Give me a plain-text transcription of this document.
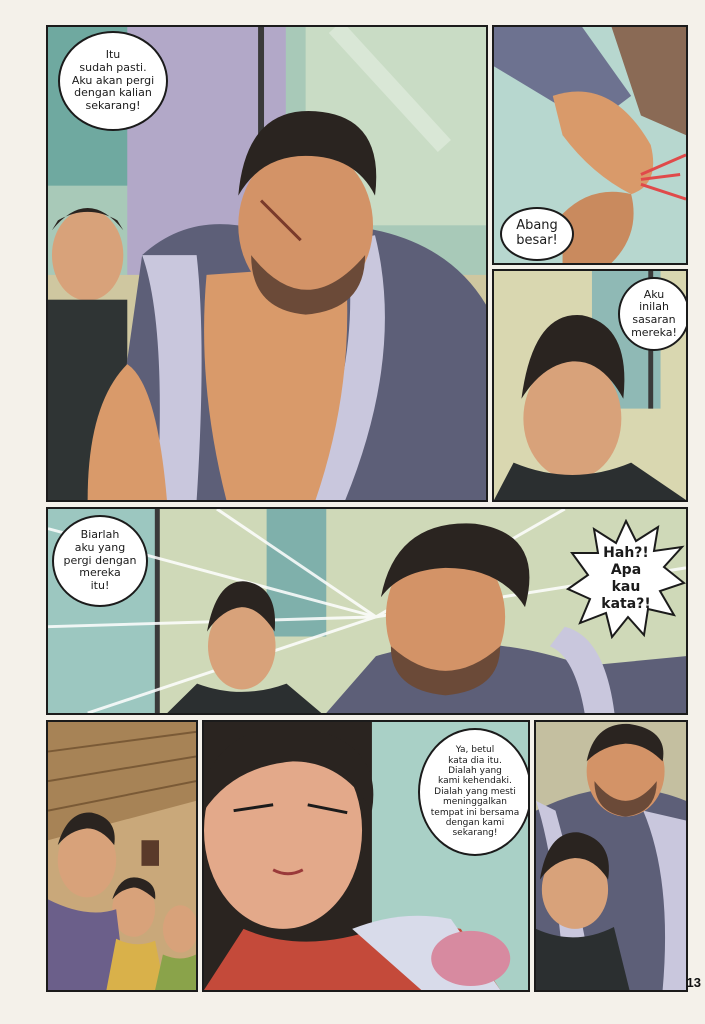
Itu
sudah pasti.
Aku akan pergi
dengan kalian
sekarang!
Abang
besar!
Aku
inilah
sasaran
mereka!
Biarlah
aku yang
pergi dengan
mereka
itu!
Hah?!
Apa
kau
kata?!
Ya, betul
kata dia itu.
Dialah yang
kami kehendaki.
Dialah yang mesti
meninggalkan
tempat ini bersama
dengan kami
sekarang!
13
